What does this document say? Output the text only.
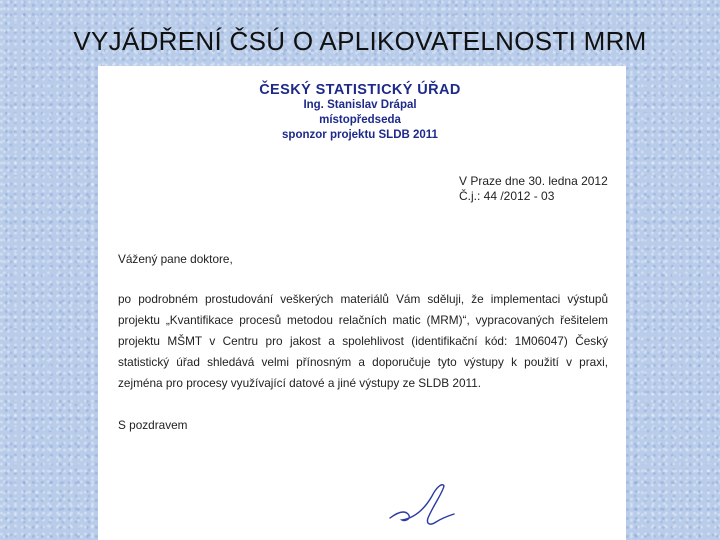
VYJÁDŘENÍ ČSÚ O APLIKOVATELNOSTI MRM
ČESKÝ STATISTICKÝ ÚŘAD
Ing. Stanislav Drápal
místopředseda
sponzor projektu SLDB 2011
V Praze dne 30. ledna 2012
Č.j.: 44 /2012 - 03

Vážený pane doktore,

po podrobném prostudování veškerých materiálů Vám sděluji, že implementaci výstupů projektu „Kvantifikace procesů metodou relačních matic (MRM)“, vypracovaných řešitelem projektu MŠMT v Centru pro jakost a spolehlivost (identifikační kód: 1M06047) Český statistický úřad shledává velmi přínosným a doporučuje tyto výstupy k použití v praxi, zejména pro procesy využívající datové a jiné výstupy ze SLDB 2011.

S pozdravem
